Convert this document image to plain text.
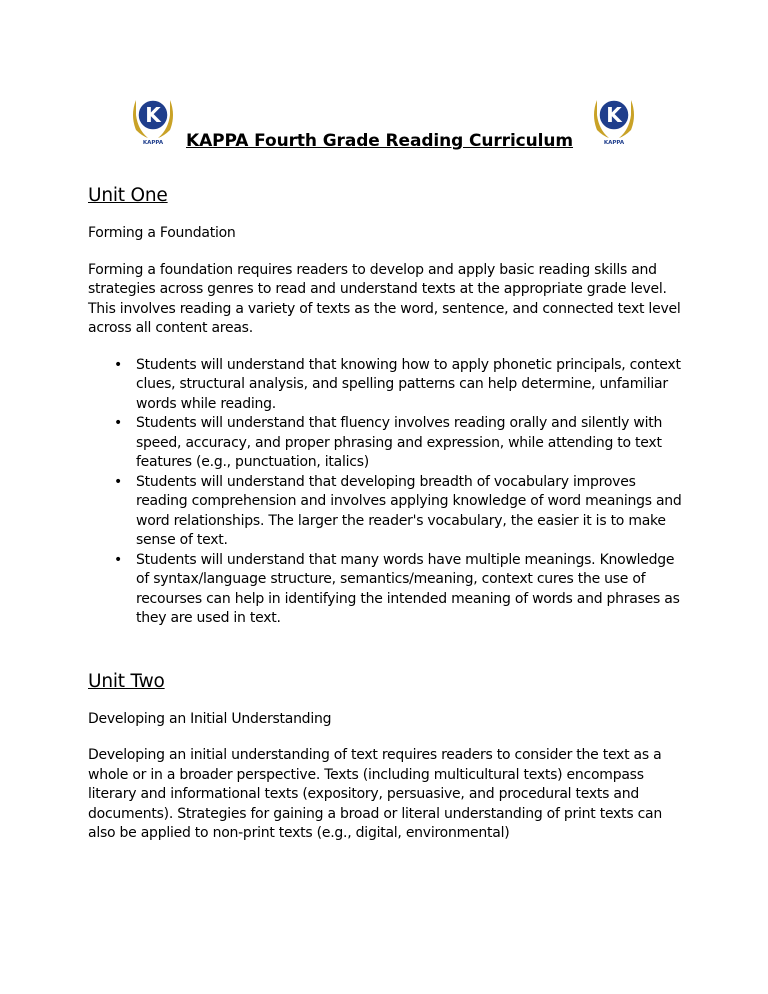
K
KAPPA
K
KAPPA
KAPPA Fourth Grade Reading Curriculum
Unit One

Forming a Foundation

Forming a foundation requires readers to develop and apply basic reading skills and strategies across genres to read and understand texts at the appropriate grade level. This involves reading a variety of texts as the word, sentence, and connected text level across all content areas.

• Students will understand that knowing how to apply phonetic principals, context clues, structural analysis, and spelling patterns can help determine, unfamiliar words while reading.
• Students will understand that fluency involves reading orally and silently with speed, accuracy, and proper phrasing and expression, while attending to text features (e.g., punctuation, italics)
• Students will understand that developing breadth of vocabulary improves reading comprehension and involves applying knowledge of word meanings and word relationships. The larger the reader's vocabulary, the easier it is to make sense of text.
• Students will understand that many words have multiple meanings. Knowledge of syntax/language structure, semantics/meaning, context cures the use of recourses can help in identifying the intended meaning of words and phrases as they are used in text.
Unit Two

Developing an Initial Understanding

Developing an initial understanding of text requires readers to consider the text as a whole or in a broader perspective. Texts (including multicultural texts) encompass literary and informational texts (expository, persuasive, and procedural texts and documents). Strategies for gaining a broad or literal understanding of print texts can also be applied to non-print texts (e.g., digital, environmental)
